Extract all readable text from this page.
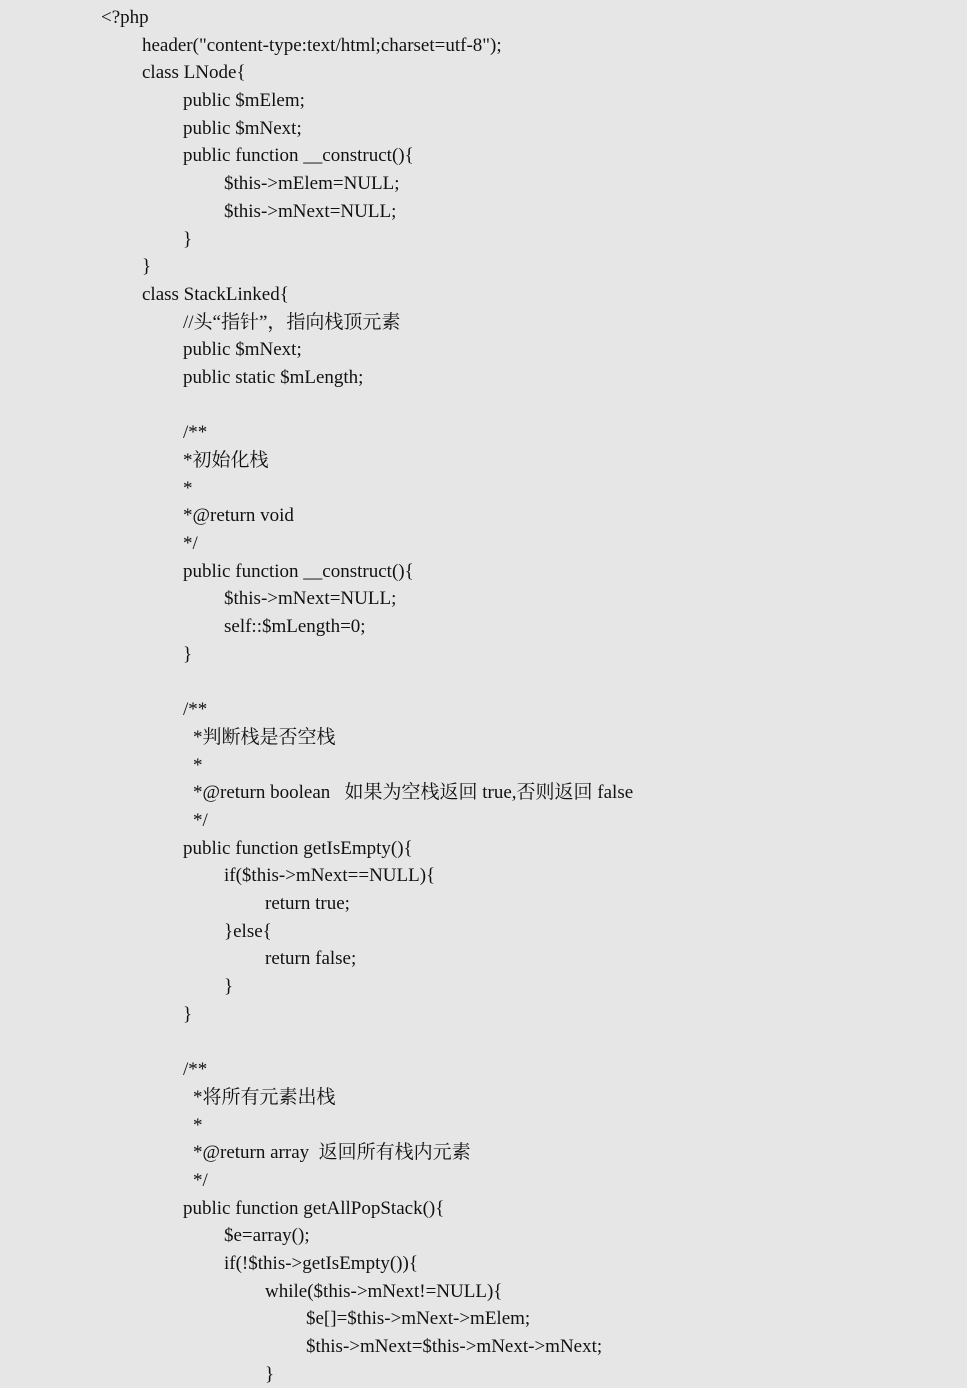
<?php
header("content-type:text/html;charset=utf-8");
class LNode{
public $mElem;
public $mNext;
public function __construct(){
$this->mElem=NULL;
$this->mNext=NULL;
}
}
class StackLinked{
//头“指针”，指向栈顶元素
public $mNext;
public static $mLength;
/**
*初始化栈
*
*@return void
*/
public function __construct(){
$this->mNext=NULL;
self::$mLength=0;
}
/**
*判断栈是否空栈
*
*@return boolean   如果为空栈返回 true,否则返回 false
*/
public function getIsEmpty(){
if($this->mNext==NULL){
return true;
}else{
return false;
}
}
/**
*将所有元素出栈
*
*@return array  返回所有栈内元素
*/
public function getAllPopStack(){
$e=array();
if(!$this->getIsEmpty()){
while($this->mNext!=NULL){
$e[]=$this->mNext->mElem;
$this->mNext=$this->mNext->mNext;
}
